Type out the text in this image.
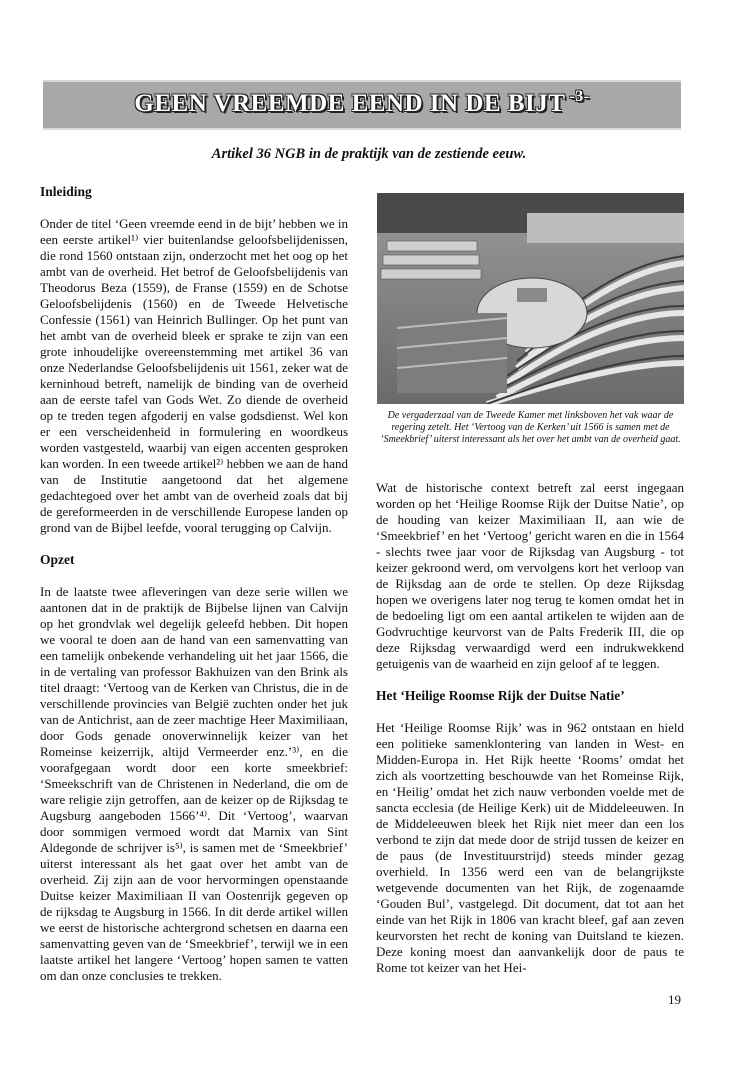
GEEN VREEMDE EEND IN DE BIJT $^{-3-}$
Artikel 36 NGB in de praktijk van de zestiende eeuw.
Inleiding

Onder de titel ‘Geen vreemde eend in de bijt’ hebben we in een eerste artikel¹⁾ vier buitenlandse geloofsbelijdenissen, die rond 1560 ontstaan zijn, onderzocht met het oog op het ambt van de overheid. Het betrof de Geloofsbelijdenis van Theodorus Beza (1559), de Franse (1559) en de Schotse Geloofsbelijdenis (1560) en de Tweede Helvetische Confessie (1561) van Heinrich Bullinger. Op het punt van het ambt van de overheid bleek er sprake te zijn van een grote inhoudelijke overeenstemming met artikel 36 van onze Nederlandse Geloofsbelijdenis uit 1561, zeker wat de kerninhoud betreft, namelijk de binding van de overheid aan de eerste tafel van Gods Wet. Zo diende de overheid op te treden tegen afgoderij en valse godsdienst. Wel kon er een verscheidenheid in formulering en woordkeus worden vastgesteld, waarbij van eigen accenten gesproken kan worden. In een tweede artikel²⁾ hebben we aan de hand van de Institutie aangetoond dat het algemene gedachtegoed over het ambt van de overheid zoals dat bij de gereformeerden in de verschillende Europese landen op grond van de Bijbel leefde, vooral terugging op Calvijn.

Opzet

In de laatste twee afleveringen van deze serie willen we aantonen dat in de praktijk de Bijbelse lijnen van Calvijn op het grondvlak wel degelijk geleefd hebben. Dit hopen we vooral te doen aan de hand van een samenvatting van een tamelijk onbekende verhandeling uit het jaar 1566, die in de vertaling van professor Bakhuizen van den Brink als titel draagt: ‘Vertoog van de Kerken van Christus, die in de verschillende provincies van België zuchten onder het juk van de Antichrist, aan de zeer machtige Heer Maximiliaan, door Gods genade onoverwinnelijk keizer van het Romeinse keizerrijk, altijd Vermeerder enz.’³⁾, en die voorafgegaan wordt door een korte smeekbrief: ‘Smeekschrift van de Christenen in Nederland, die om de ware religie zijn getroffen, aan de keizer op de Rijksdag te Augsburg aangeboden 1566’⁴⁾. Dit ‘Vertoog’, waarvan door sommigen vermoed wordt dat Marnix van Sint Aldegonde de schrijver is⁵⁾, is samen met de ‘Smeekbrief’ uiterst interessant als het gaat over het ambt van de overheid. Zij zijn aan de voor hervormingen openstaande Duitse keizer Maximiliaan II van Oostenrijk gegeven op de rijksdag te Augsburg in 1566. In dit derde artikel willen we eerst de historische achtergrond schetsen en daarna een samenvatting geven van de ‘Smeekbrief’, terwijl we in een laatste artikel het langere ‘Vertoog’ hopen samen te vatten om dan onze conclusies te trekken.

De vergaderzaal van de Tweede Kamer met linksboven het vak waar de regering zetelt. Het ‘Vertoog van de Kerken’ uit 1566 is samen met de ‘Smeekbrief’ uiterst interessant als het over het ambt van de overheid gaat.

Wat de historische context betreft zal eerst ingegaan worden op het ‘Heilige Roomse Rijk der Duitse Natie’, op de houding van keizer Maximiliaan II, aan wie de ‘Smeekbrief’ en het ‘Vertoog’ gericht waren en die in 1564 - slechts twee jaar voor de Rijksdag van Augsburg - tot keizer gekroond werd, om vervolgens kort het verloop van de Rijksdag aan de orde te stellen. Op deze Rijksdag hopen we overigens later nog terug te komen omdat het in de bedoeling ligt om een aantal artikelen te wijden aan de Godvruchtige keurvorst van de Palts Frederik III, die op deze Rijksdag verwaardigd werd een indrukwekkend getuigenis van de waarheid en zijn geloof af te leggen.

Het ‘Heilige Roomse Rijk der Duitse Natie’

Het ‘Heilige Roomse Rijk’ was in 962 ontstaan en hield een politieke samenklontering van landen in West- en Midden-Europa in. Het Rijk heette ‘Rooms’ omdat het zich als voortzetting beschouwde van het Romeinse Rijk, en ‘Heilig’ omdat het zich nauw verbonden voelde met de sancta ecclesia (de Heilige Kerk) uit de Middeleeuwen. In de Middeleeuwen bleek het Rijk niet meer dan een los verbond te zijn dat mede door de strijd tussen de keizer en de paus (de Investituurstrijd) steeds minder gezag overhield. In 1356 werd een van de belangrijkste wetgevende documenten van het Rijk, de zogenaamde ‘Gouden Bul’, vastgelegd. Dit document, dat tot aan het einde van het Rijk in 1806 van kracht bleef, gaf aan zeven keurvorsten het recht de koning van Duitsland te kiezen. Deze koning moest dan aanvankelijk door de paus te Rome tot keizer van het Hei-

19
